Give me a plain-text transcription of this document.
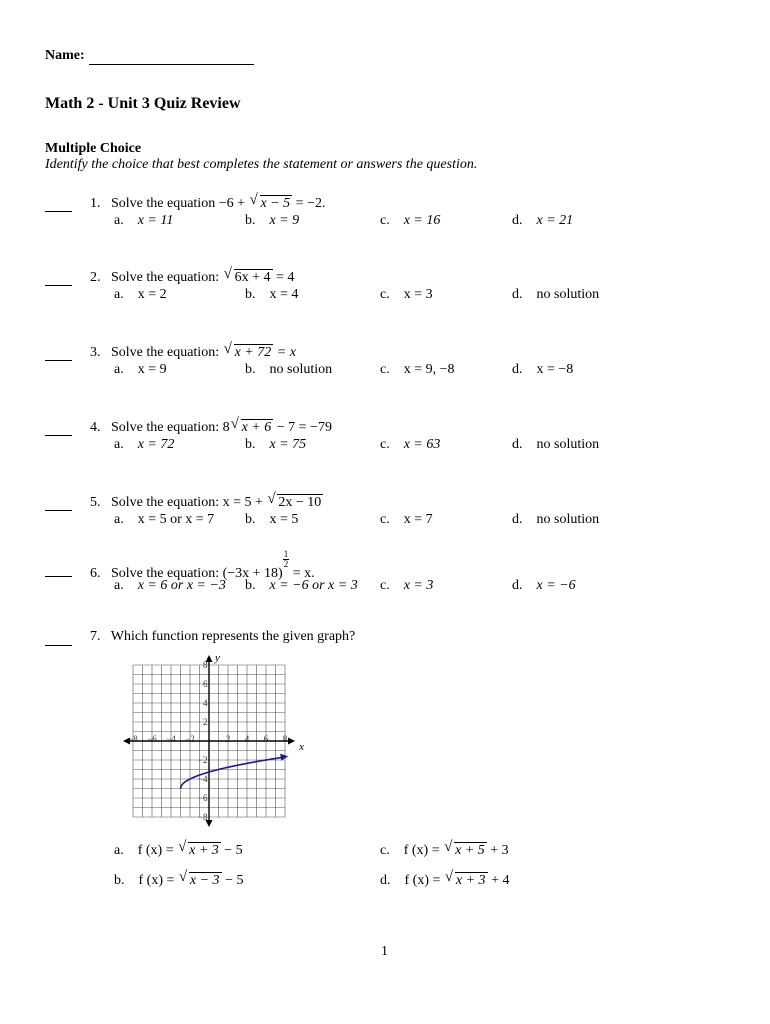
Name:
Math 2 - Unit 3 Quiz Review
Multiple Choice
Identify the choice that best completes the statement or answers the question.
1. Solve the equation −6 + √ x − 5 = −2.
a. x = 11	b. x = 9	c. x = 16	d. x = 21
2. Solve the equation: √ 6x + 4 = 4
a. x = 2	b. x = 4	c. x = 3	d. no solution
3. Solve the equation: √ x + 72 = x
a. x = 9	b. no solution	c. x = 9, −8	d. x = −8
4. Solve the equation: 8 √ x + 6 − 7 = −79
a. x = 72	b. x = 75	c. x = 63	d. no solution
5. Solve the equation: x = 5 + √ 2x − 10
a. x = 5 or x = 7 b. x = 5	c. x = 7	d. no solution
6. Solve the equation: (−3x + 18)
$\frac{1}{2}$
= x.
a. x = 6 or x = −3 b. x = −6 or x = 3 c. x = 3	d. x = −6
7. Which function represents the given graph?
−8 −6 −4 −2	2 4 6 8
8
6
4
2
−2
−4
−6
−8
x
y
a. f (x) = √ x + 3 − 5
b. f (x) = √ x − 3 − 5
c. f (x) = √ x + 5 + 3
d. f (x) = √ x + 3 + 4
1
